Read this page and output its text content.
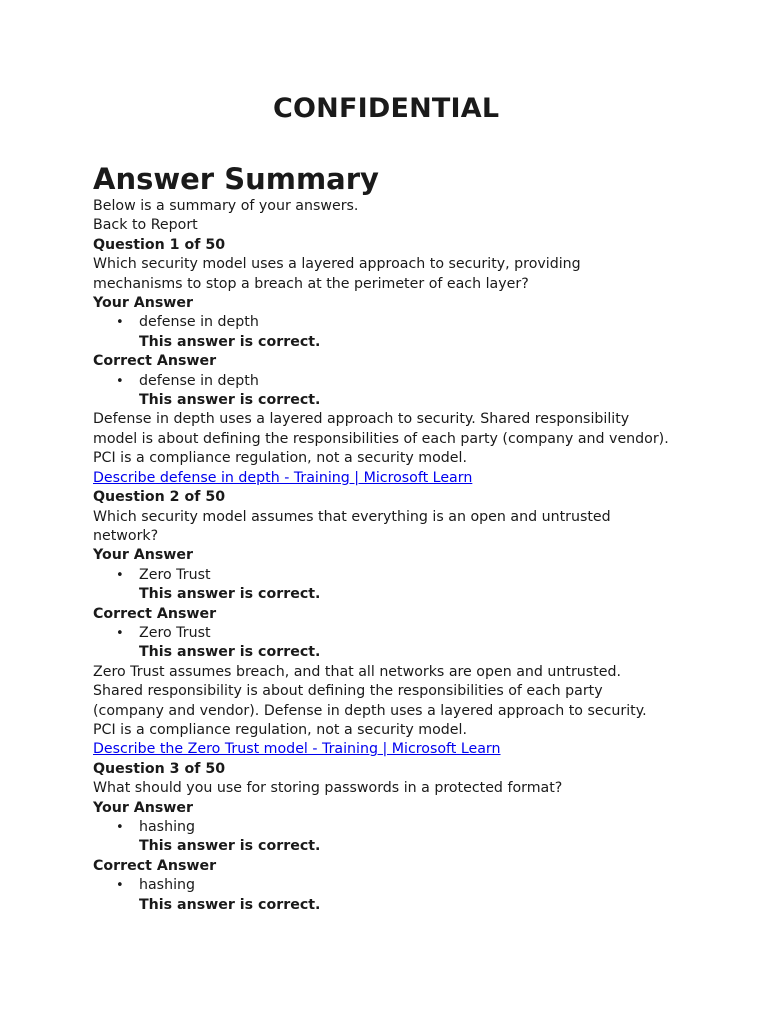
CONFIDENTIAL
Answer Summary
Below is a summary of your answers.
Back to Report
Question 1 of 50
Which security model uses a layered approach to security, providing mechanisms to stop a breach at the perimeter of each layer?
Your Answer
• defense in depth
This answer is correct.
Correct Answer
• defense in depth
This answer is correct.
Defense in depth uses a layered approach to security. Shared responsibility model is about defining the responsibilities of each party (company and vendor). PCI is a compliance regulation, not a security model.
Describe defense in depth - Training | Microsoft Learn
Question 2 of 50
Which security model assumes that everything is an open and untrusted network?
Your Answer
• Zero Trust
This answer is correct.
Correct Answer
• Zero Trust
This answer is correct.
Zero Trust assumes breach, and that all networks are open and untrusted. Shared responsibility is about defining the responsibilities of each party (company and vendor). Defense in depth uses a layered approach to security. PCI is a compliance regulation, not a security model.
Describe the Zero Trust model - Training | Microsoft Learn
Question 3 of 50
What should you use for storing passwords in a protected format?
Your Answer
• hashing
This answer is correct.
Correct Answer
• hashing
This answer is correct.
